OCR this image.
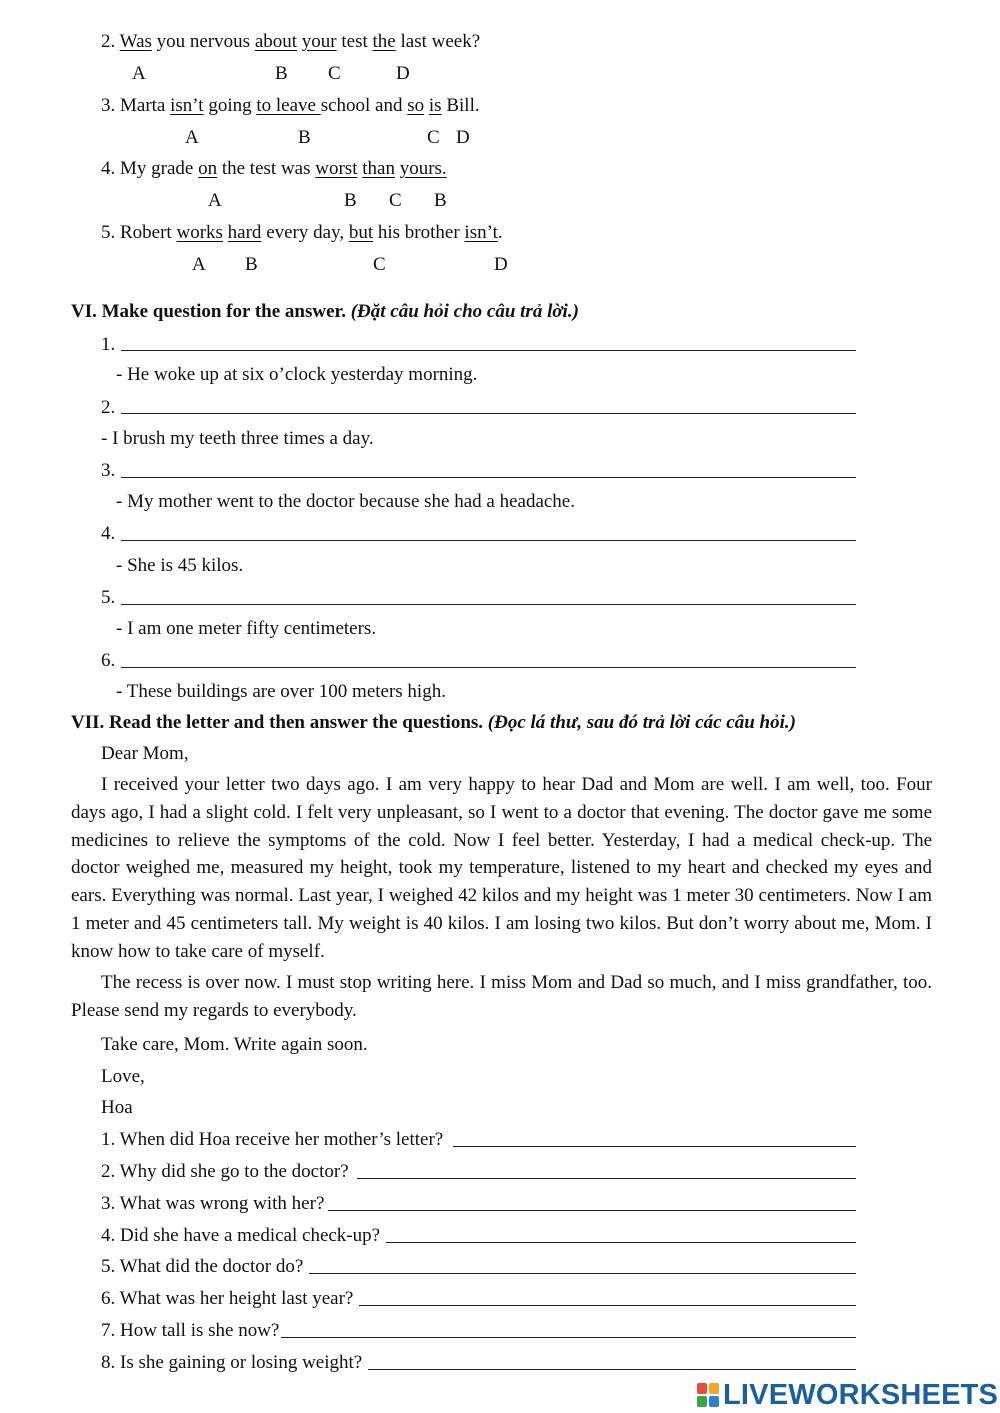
2. Was you nervous about your test the last week?
A	B C	D
3. Marta isn’t going to leave school and so is Bill.
A	B	C D
4. My grade on the test was worst than yours.
A	B C B
5. Robert works hard every day, but his brother isn’t.
A B	C	D
VI. Make question for the answer. (Đặt câu hỏi cho câu trả lời.)
1.
- He woke up at six o’clock yesterday morning.
2.
- I brush my teeth three times a day.
3.
- My mother went to the doctor because she had a headache.
4.
- She is 45 kilos.
5.
- I am one meter fifty centimeters.
6.
- These buildings are over 100 meters high.
VII. Read the letter and then answer the questions. (Đọc lá thư, sau đó trả lời các câu hỏi.)
Dear Mom,

I received your letter two days ago. I am very happy to hear Dad and Mom are well. I am well, too. Four days ago, I had a slight cold. I felt very unpleasant, so I went to a doctor that evening. The doctor gave me some medicines to relieve the symptoms of the cold. Now I feel better. Yesterday, I had a medical check-up. The doctor weighed me, measured my height, took my temperature, listened to my heart and checked my eyes and ears. Everything was normal. Last year, I weighed 42 kilos and my height was 1 meter 30 centimeters. Now I am 1 meter and 45 centimeters tall. My weight is 40 kilos. I am losing two kilos. But don’t worry about me, Mom. I know how to take care of myself.

The recess is over now. I must stop writing here. I miss Mom and Dad so much, and I miss grandfather, too. Please send my regards to everybody.

Take care, Mom. Write again soon.
Love,
Hoa
1. When did Hoa receive her mother’s letter?
2. Why did she go to the doctor?
3. What was wrong with her?
4. Did she have a medical check-up?
5. What did the doctor do?
6. What was her height last year?
7. How tall is she now?
8. Is she gaining or losing weight?
LIVEWORKSHEETS
